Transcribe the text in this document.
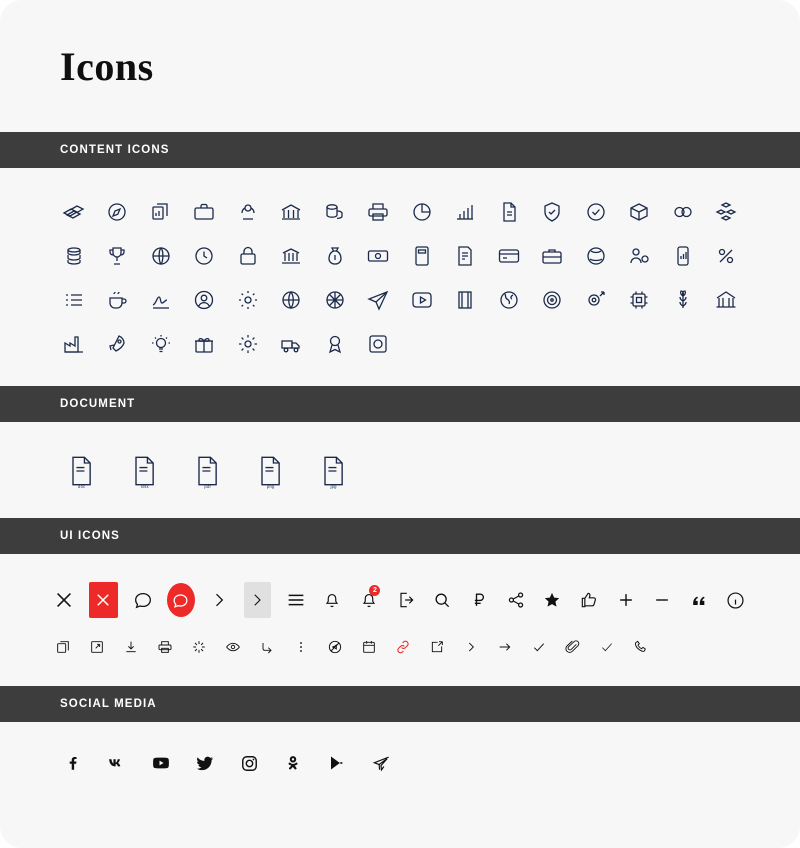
Icons
CONTENT ICONS
DOCUMENT
doc	xlsx	pdf	png	jpg
UI ICONS
2
SOCIAL MEDIA
